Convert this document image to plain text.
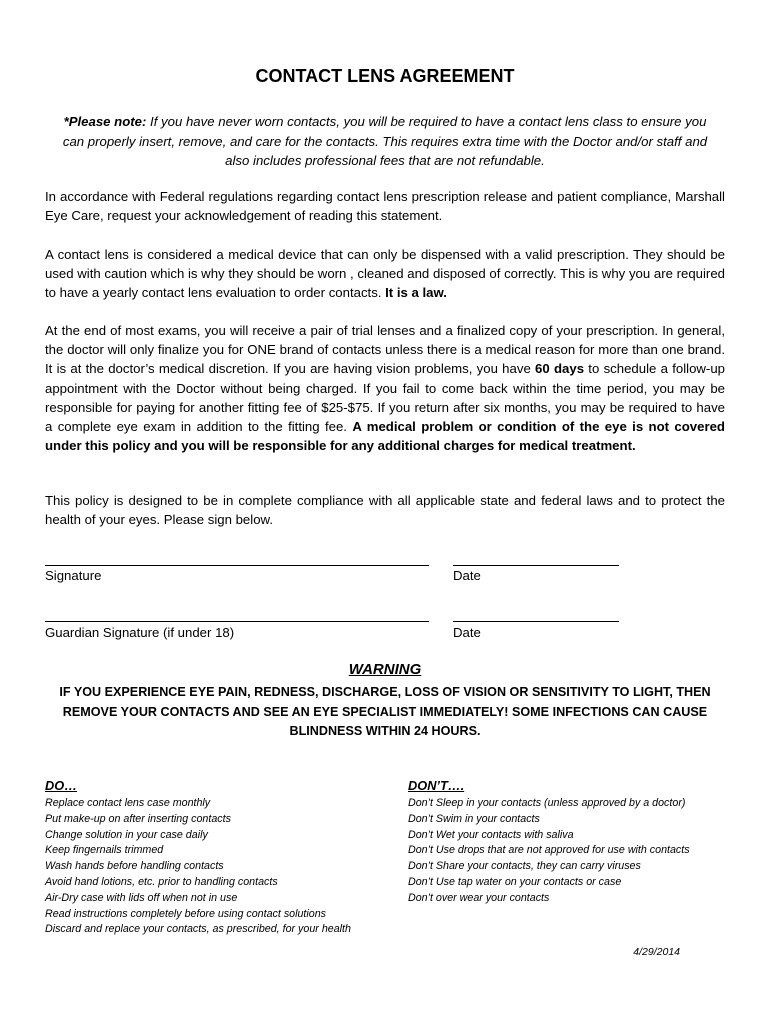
CONTACT LENS AGREEMENT
*Please note: If you have never worn contacts, you will be required to have a contact lens class to ensure you can properly insert, remove, and care for the contacts. This requires extra time with the Doctor and/or staff and also includes professional fees that are not refundable.
In accordance with Federal regulations regarding contact lens prescription release and patient compliance, Marshall Eye Care, request your acknowledgement of reading this statement.
A contact lens is considered a medical device that can only be dispensed with a valid prescription. They should be used with caution which is why they should be worn , cleaned and disposed of correctly. This is why you are required to have a yearly contact lens evaluation to order contacts. It is a law.
At the end of most exams, you will receive a pair of trial lenses and a finalized copy of your prescription. In general, the doctor will only finalize you for ONE brand of contacts unless there is a medical reason for more than one brand. It is at the doctor’s medical discretion. If you are having vision problems, you have 60 days to schedule a follow-up appointment with the Doctor without being charged. If you fail to come back within the time period, you may be responsible for paying for another fitting fee of $25-$75. If you return after six months, you may be required to have a complete eye exam in addition to the fitting fee. A medical problem or condition of the eye is not covered under this policy and you will be responsible for any additional charges for medical treatment.
This policy is designed to be in complete compliance with all applicable state and federal laws and to protect the health of your eyes. Please sign below.
Signature	Date
Guardian Signature (if under 18)	Date
WARNING
IF YOU EXPERIENCE EYE PAIN, REDNESS, DISCHARGE, LOSS OF VISION OR SENSITIVITY TO LIGHT, THEN REMOVE YOUR CONTACTS AND SEE AN EYE SPECIALIST IMMEDIATELY! SOME INFECTIONS CAN CAUSE BLINDNESS WITHIN 24 HOURS.
DO…
Replace contact lens case monthly
Put make-up on after inserting contacts
Change solution in your case daily
Keep fingernails trimmed
Wash hands before handling contacts
Avoid hand lotions, etc. prior to handling contacts
Air-Dry case with lids off when not in use
Read instructions completely before using contact solutions
Discard and replace your contacts, as prescribed, for your health
DON’T….
Don’t Sleep in your contacts (unless approved by a doctor)
Don’t Swim in your contacts
Don’t Wet your contacts with saliva
Don’t Use drops that are not approved for use with contacts
Don’t Share your contacts, they can carry viruses
Don’t Use tap water on your contacts or case
Don’t over wear your contacts
4/29/2014
